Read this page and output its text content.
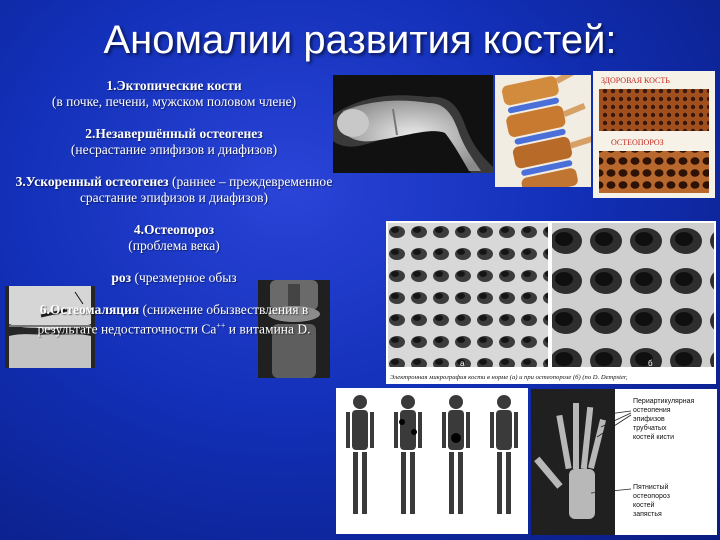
Аномалии развития костей:
ЗДОРОВАЯ КОСТЬ
ОСТЕОПОРОЗ
а	б
Электронная микрография кости в норме (а) и при остеопорозе (б) (по D. Dempster,

1.Эктопические кости

(в почке, печени, мужском половом члене)

2.Незавершённый остеогенез

(несрастание эпифизов и диафизов)

3.Ускоренный остеогенез (раннее – преждевременное срастание эпифизов и диафизов)

4.Остеопороз

(проблема века)

роз (чрезмерное обыз

6.Остеомаляция (снижение обызвествления в результате недостаточности Са++ и витамина D.

Периартикулярная
остеопения
эпифизов
трубчатых
костей кисти
Пятнистый
остеопороз
костей
запястья
